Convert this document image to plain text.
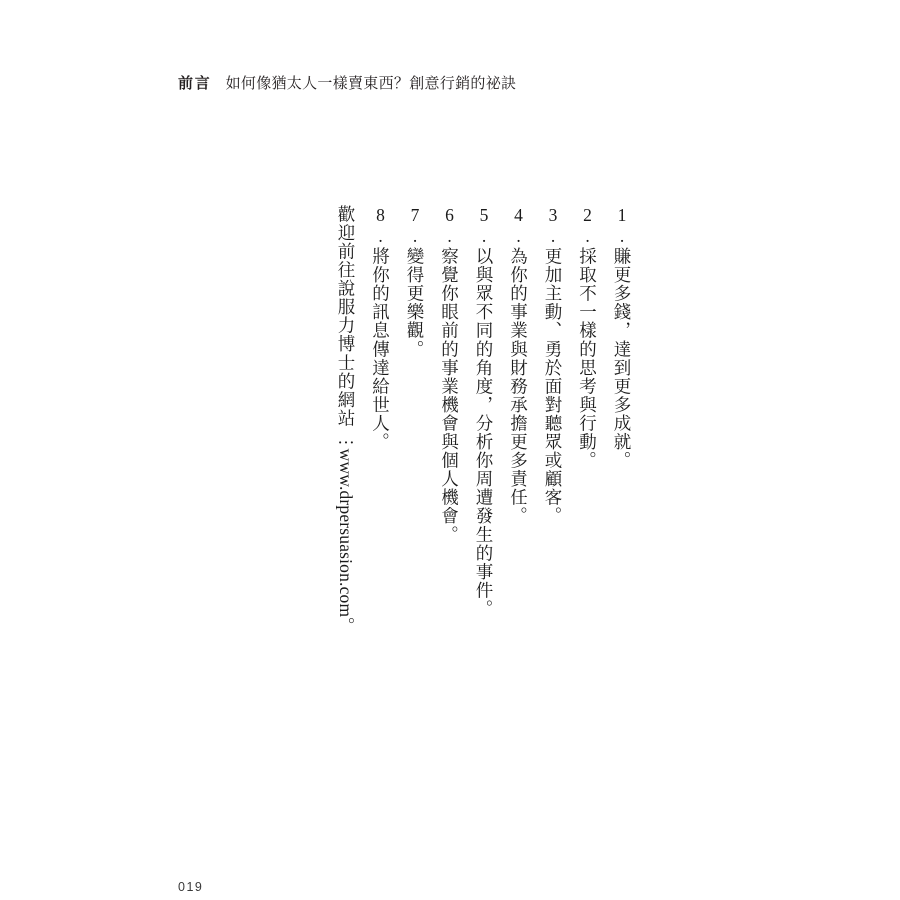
前言 如何像猶太人一樣賣東西？創意行銷的祕訣
1.賺更多錢，達到更多成就。
2.採取不一樣的思考與行動。
3.更加主動、勇於面對聽眾或顧客。
4.為你的事業與財務承擔更多責任。
5.以與眾不同的角度，分析你周遭發生的事件。
6.察覺你眼前的事業機會與個人機會。
7.變得更樂觀。
8.將你的訊息傳達給世人。
歡迎前往說服力博士的網站…www.drpersuasion.com。
019
